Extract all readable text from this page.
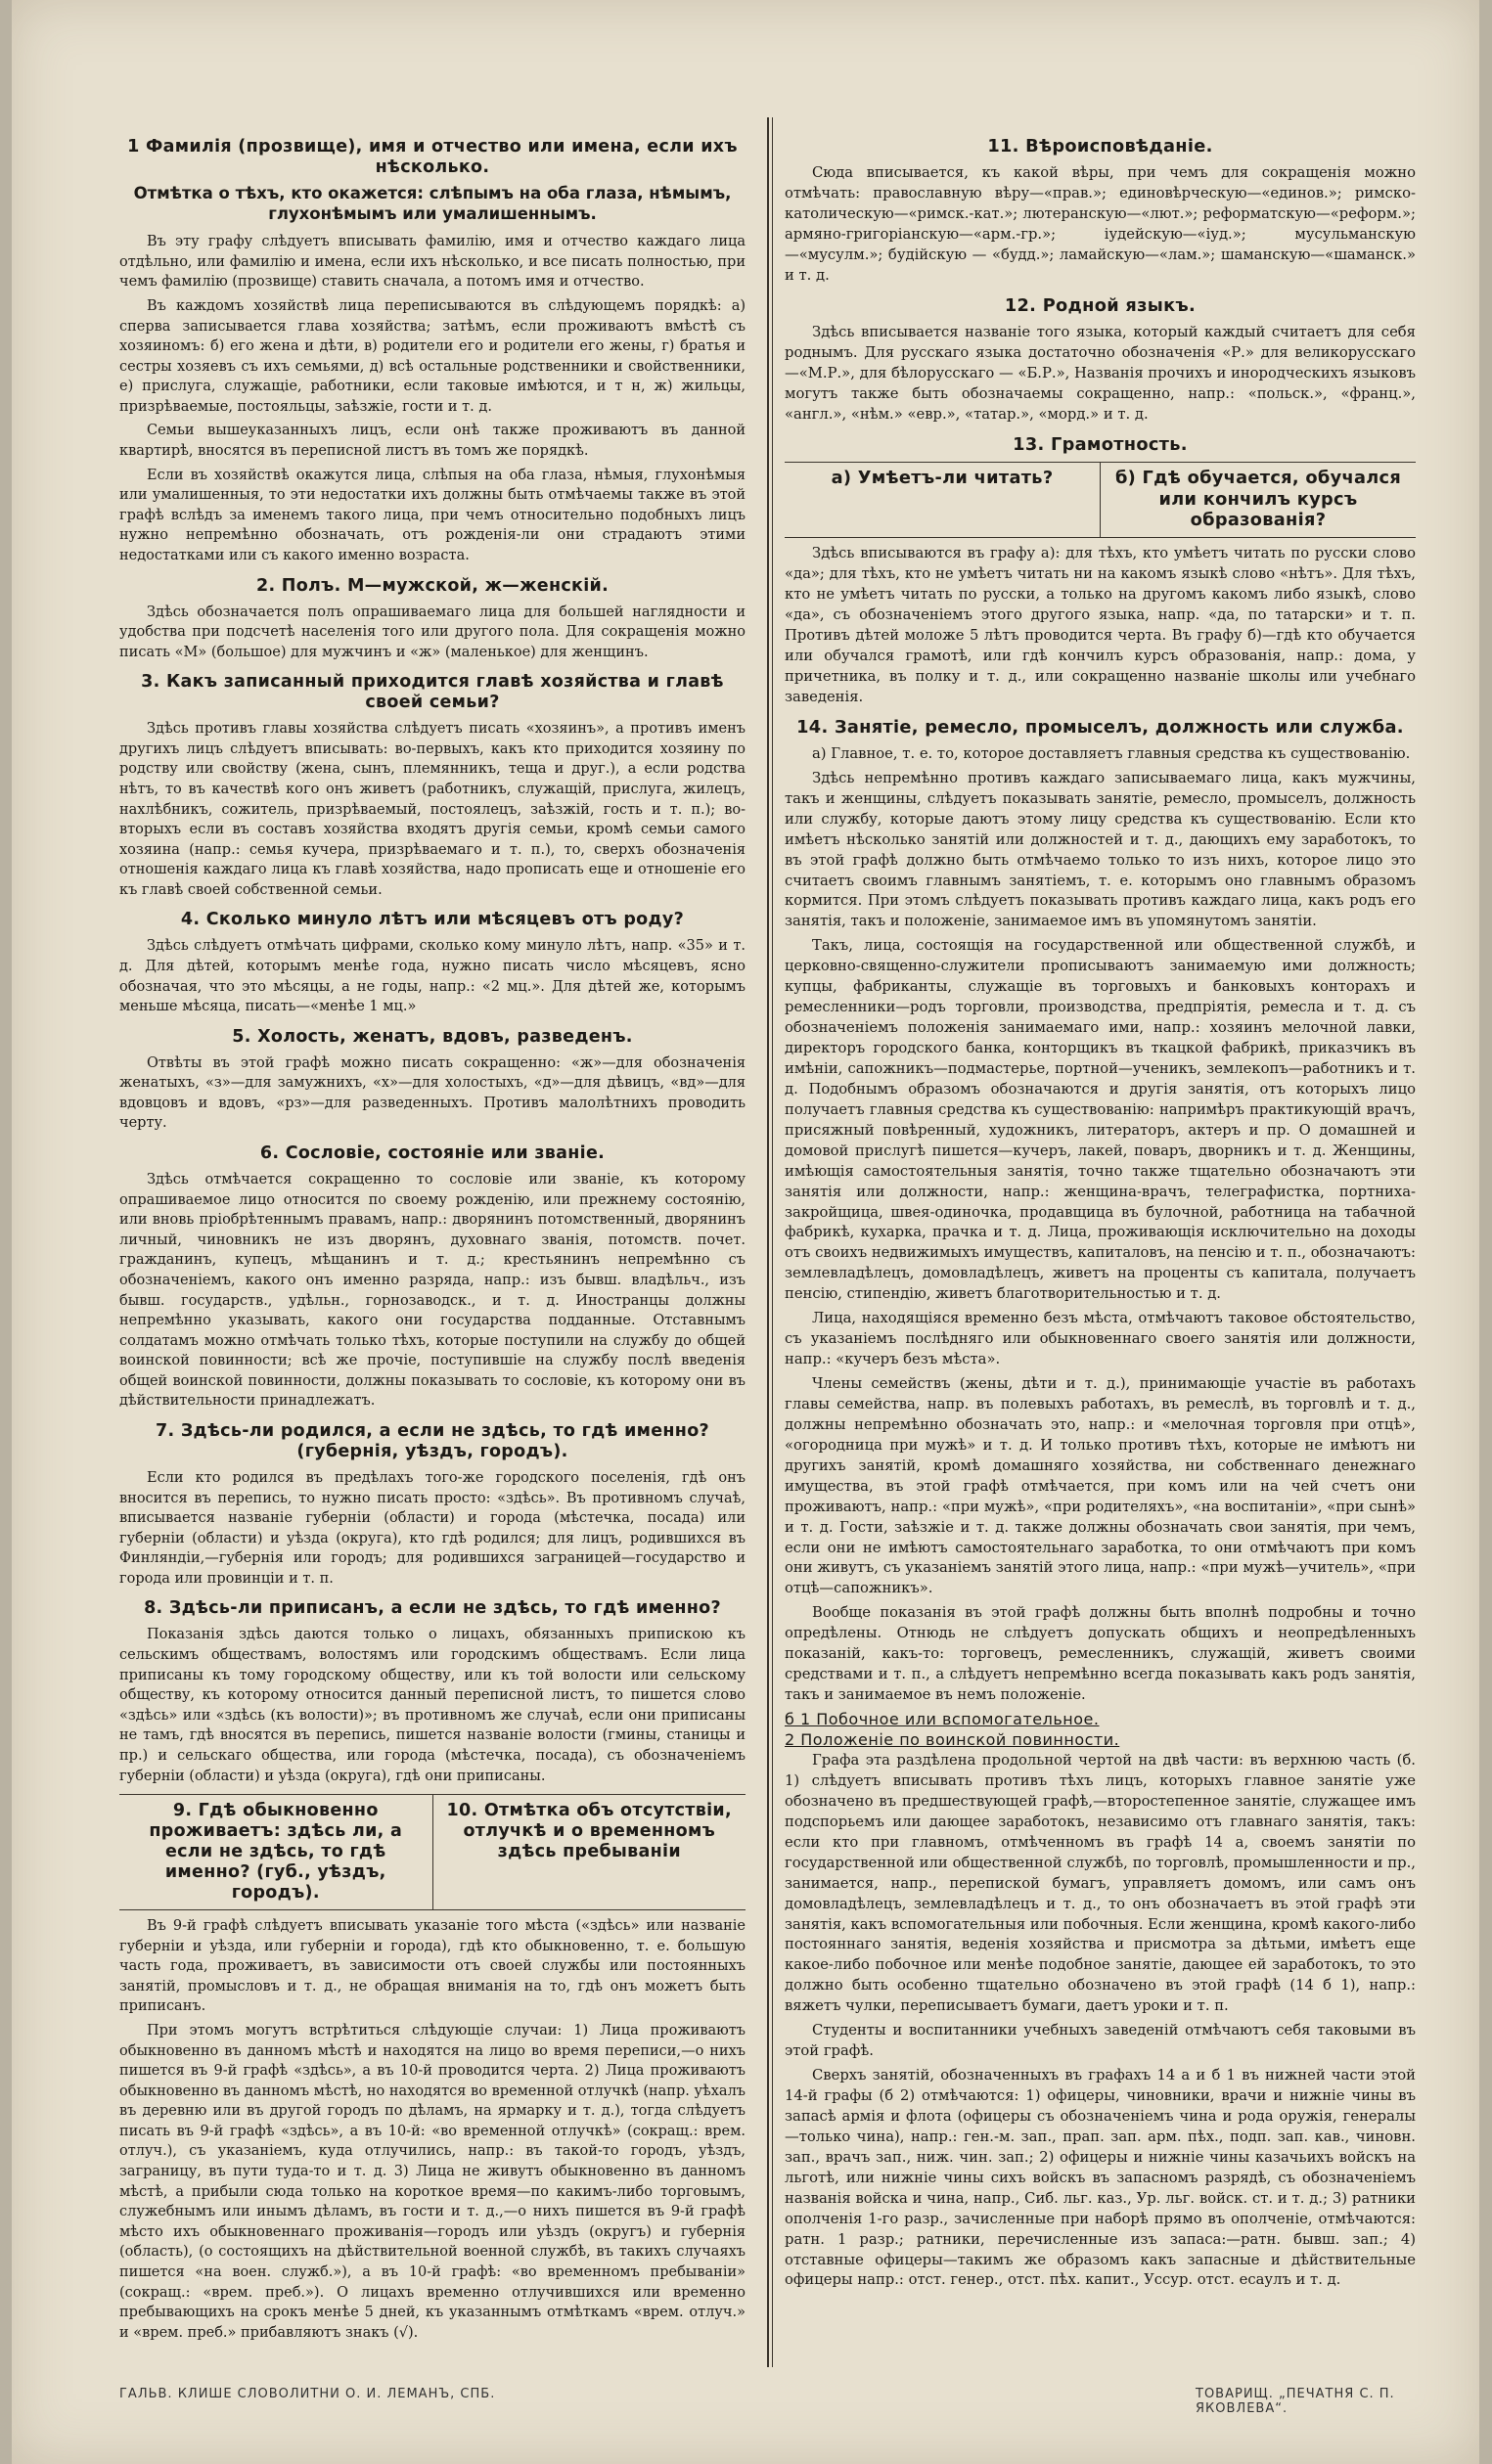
1 Фамилія (прозвище), имя и отчество или имена, если ихъ нѣсколько.
Отмѣтка о тѣхъ, кто окажется: слѣпымъ на оба глаза, нѣмымъ, глухонѣмымъ или умалишеннымъ.

Въ эту графу слѣдуетъ вписывать фамилію, имя и отчество каждаго лица отдѣльно, или фамилію и имена, если ихъ нѣсколько, и все писать полностью, при чемъ фамилію (прозвище) ставить сначала, а потомъ имя и отчество.

Въ каждомъ хозяйствѣ лица переписываются въ слѣдующемъ порядкѣ: а) сперва записывается глава хозяйства; затѣмъ, если проживаютъ вмѣстѣ съ хозяиномъ: б) его жена и дѣти, в) родители его и родители его жены, г) братья и сестры хозяевъ съ ихъ семьями, д) всѣ остальные родственники и свойственники, е) прислуга, служащіе, работники, если таковые имѣются, и т н, ж) жильцы, призрѣваемые, постояльцы, заѣзжіе, гости и т. д.

Семьи вышеуказанныхъ лицъ, если онѣ также проживаютъ въ данной квартирѣ, вносятся въ переписной листъ въ томъ же порядкѣ.

Если въ хозяйствѣ окажутся лица, слѣпыя на оба глаза, нѣмыя, глухонѣмыя или умалишенныя, то эти недостатки ихъ должны быть отмѣчаемы также въ этой графѣ вслѣдъ за именемъ такого лица, при чемъ относительно подобныхъ лицъ нужно непремѣнно обозначать, отъ рожденія-ли они страдаютъ этими недостатками или съ какого именно возраста.

2. Полъ. М—мужской, ж—женскій.

Здѣсь обозначается полъ опрашиваемаго лица для большей наглядности и удобства при подсчетѣ населенія того или другого пола. Для сокращенія можно писать «М» (большое) для мужчинъ и «ж» (маленькое) для женщинъ.

3. Какъ записанный приходится главѣ хозяйства и главѣ своей семьи?

Здѣсь противъ главы хозяйства слѣдуетъ писать «хозяинъ», а противъ именъ другихъ лицъ слѣдуетъ вписывать: во-первыхъ, какъ кто приходится хозяину по родству или свойству (жена, сынъ, племянникъ, теща и друг.), а если родства нѣтъ, то въ качествѣ кого онъ живетъ (работникъ, служащій, прислуга, жилецъ, нахлѣбникъ, сожитель, призрѣваемый, постоялецъ, заѣзжій, гость и т. п.); во-вторыхъ если въ составъ хозяйства входятъ другія семьи, кромѣ семьи самого хозяина (напр.: семья кучера, призрѣваемаго и т. п.), то, сверхъ обозначенія отношенія каждаго лица къ главѣ хозяйства, надо прописать еще и отношеніе его къ главѣ своей собственной семьи.

4. Сколько минуло лѣтъ или мѣсяцевъ отъ роду?

Здѣсь слѣдуетъ отмѣчать цифрами, сколько кому минуло лѣтъ, напр. «35» и т. д. Для дѣтей, которымъ менѣе года, нужно писать число мѣсяцевъ, ясно обозначая, что это мѣсяцы, а не годы, напр.: «2 мц.». Для дѣтей же, которымъ меньше мѣсяца, писать—«менѣе 1 мц.»

5. Холость, женатъ, вдовъ, разведенъ.

Отвѣты въ этой графѣ можно писать сокращенно: «ж»—для обозначенія женатыхъ, «з»—для замужнихъ, «х»—для холостыхъ, «д»—для дѣвицъ, «вд»—для вдовцовъ и вдовъ, «рз»—для разведенныхъ. Противъ малолѣтнихъ проводить черту.

6. Сословіе, состояніе или званіе.

Здѣсь отмѣчается сокращенно то сословіе или званіе, къ которому опрашиваемое лицо относится по своему рожденію, или прежнему состоянію, или вновь пріобрѣтеннымъ правамъ, напр.: дворянинъ потомственный, дворянинъ личный, чиновникъ не изъ дворянъ, духовнаго званія, потомств. почет. гражданинъ, купецъ, мѣщанинъ и т. д.; крестьянинъ непремѣнно съ обозначеніемъ, какого онъ именно разряда, напр.: изъ бывш. владѣльч., изъ бывш. государств., удѣльн., горнозаводск., и т. д. Иностранцы должны непремѣнно указывать, какого они государства подданные. Отставнымъ солдатамъ можно отмѣчать только тѣхъ, которые поступили на службу до общей воинской повинности; всѣ же прочіе, поступившіе на службу послѣ введенія общей воинской повинности, должны показывать то сословіе, къ которому они въ дѣйствительности принадлежатъ.

7. Здѣсь-ли родился, а если не здѣсь, то гдѣ именно? (губернія, уѣздъ, городъ).

Если кто родился въ предѣлахъ того-же городского поселенія, гдѣ онъ вносится въ перепись, то нужно писать просто: «здѣсь». Въ противномъ случаѣ, вписывается названіе губерніи (области) и города (мѣстечка, посада) или губерніи (области) и уѣзда (округа), кто гдѣ родился; для лицъ, родившихся въ Финляндіи,—губернія или городъ; для родившихся заграницей—государство и города или провинціи и т. п.

8. Здѣсь-ли приписанъ, а если не здѣсь, то гдѣ именно?

Показанія здѣсь даются только о лицахъ, обязанныхъ припискою къ сельскимъ обществамъ, волостямъ или городскимъ обществамъ. Если лица приписаны къ тому городскому обществу, или къ той волости или сельскому обществу, къ которому относится данный переписной листъ, то пишется слово «здѣсь» или «здѣсь (къ волости)»; въ противномъ же случаѣ, если они приписаны не тамъ, гдѣ вносятся въ перепись, пишется названіе волости (гмины, станицы и пр.) и сельскаго общества, или города (мѣстечка, посада), съ обозначеніемъ губерніи (области) и уѣзда (округа), гдѣ они приписаны.

9. Гдѣ обыкновенно проживаетъ: здѣсь ли, а если не здѣсь, то гдѣ именно? (губ., уѣздъ, городъ).
10. Отмѣтка объ отсутствіи, отлучкѣ и о временномъ здѣсь пребываніи

Въ 9-й графѣ слѣдуетъ вписывать указаніе того мѣста («здѣсь» или названіе губерніи и уѣзда, или губерніи и города), гдѣ кто обыкновенно, т. е. большую часть года, проживаетъ, въ зависимости отъ своей службы или постоянныхъ занятій, промысловъ и т. д., не обращая вниманія на то, гдѣ онъ можетъ быть приписанъ.

При этомъ могутъ встрѣтиться слѣдующіе случаи: 1) Лица проживаютъ обыкновенно въ данномъ мѣстѣ и находятся на лицо во время переписи,—о нихъ пишется въ 9-й графѣ «здѣсь», а въ 10-й проводится черта. 2) Лица проживаютъ обыкновенно въ данномъ мѣстѣ, но находятся во временной отлучкѣ (напр. уѣхалъ въ деревню или въ другой городъ по дѣламъ, на ярмарку и т. д.), тогда слѣдуетъ писать въ 9-й графѣ «здѣсь», а въ 10-й: «во временной отлучкѣ» (сокращ.: врем. отлуч.), съ указаніемъ, куда отлучились, напр.: въ такой-то городъ, уѣздъ, заграницу, въ пути туда-то и т. д. 3) Лица не живутъ обыкновенно въ данномъ мѣстѣ, а прибыли сюда только на короткое время—по какимъ-либо торговымъ, служебнымъ или инымъ дѣламъ, въ гости и т. д.,—о нихъ пишется въ 9-й графѣ мѣсто ихъ обыкновеннаго проживанія—городъ или уѣздъ (округъ) и губернія (область), (о состоящихъ на дѣйствительной военной службѣ, въ такихъ случаяхъ пишется «на воен. служб.»), а въ 10-й графѣ: «во временномъ пребываніи» (сокращ.: «врем. преб.»). О лицахъ временно отлучившихся или временно пребывающихъ на срокъ менѣе 5 дней, къ указаннымъ отмѣткамъ «врем. отлуч.» и «врем. преб.» прибавляютъ знакъ (√).

11. Вѣроисповѣданіе.

Сюда вписывается, къ какой вѣры, при чемъ для сокращенія можно отмѣчать: православную вѣру—«прав.»; единовѣрческую—«единов.»; римско-католическую—«римск.-кат.»; лютеранскую—«лют.»; реформатскую—«реформ.»; армяно-григоріанскую—«арм.-гр.»; іудейскую—«іуд.»; мусульманскую—«мусулм.»; будійскую — «будд.»; ламайскую—«лам.»; шаманскую—«шаманск.» и т. д.

12. Родной языкъ.

Здѣсь вписывается названіе того языка, который каждый считаетъ для себя роднымъ. Для русскаго языка достаточно обозначенія «Р.» для великорусскаго —«М.Р.», для бѣлорусскаго — «Б.Р.», Названія прочихъ и инородческихъ языковъ могутъ также быть обозначаемы сокращенно, напр.: «польск.», «франц.», «англ.», «нѣм.» «евр.», «татар.», «морд.» и т. д.

13. Грамотность.
а) Умѣетъ-ли читать?	б) Гдѣ обучается, обучался или кончилъ курсъ образованія?

Здѣсь вписываются въ графу а): для тѣхъ, кто умѣетъ читать по русски слово «да»; для тѣхъ, кто не умѣетъ читать ни на какомъ языкѣ слово «нѣтъ». Для тѣхъ, кто не умѣетъ читать по русски, а только на другомъ какомъ либо языкѣ, слово «да», съ обозначеніемъ этого другого языка, напр. «да, по татарски» и т. п. Противъ дѣтей моложе 5 лѣтъ проводится черта. Въ графу б)—гдѣ кто обучается или обучался грамотѣ, или гдѣ кончилъ курсъ образованія, напр.: дома, у причетника, въ полку и т. д., или сокращенно названіе школы или учебнаго заведенія.

14. Занятіе, ремесло, промыселъ, должность или служба.

а) Главное, т. е. то, которое доставляетъ главныя средства къ существованію.

Здѣсь непремѣнно противъ каждаго записываемаго лица, какъ мужчины, такъ и женщины, слѣдуетъ показывать занятіе, ремесло, промыселъ, должность или службу, которые даютъ этому лицу средства къ существованію. Если кто имѣетъ нѣсколько занятій или должностей и т. д., дающихъ ему заработокъ, то въ этой графѣ должно быть отмѣчаемо только то изъ нихъ, которое лицо это считаетъ своимъ главнымъ занятіемъ, т. е. которымъ оно главнымъ образомъ кормится. При этомъ слѣдуетъ показывать противъ каждаго лица, какъ родъ его занятія, такъ и положеніе, занимаемое имъ въ упомянутомъ занятіи.

Такъ, лица, состоящія на государственной или общественной службѣ, и церковно-священно-служители прописываютъ занимаемую ими должность; купцы, фабриканты, служащіе въ торговыхъ и банковыхъ конторахъ и ремесленники—родъ торговли, производства, предпріятія, ремесла и т. д. съ обозначеніемъ положенія занимаемаго ими, напр.: хозяинъ мелочной лавки, директоръ городского банка, конторщикъ въ ткацкой фабрикѣ, приказчикъ въ имѣніи, сапожникъ—подмастерье, портной—ученикъ, землекопъ—работникъ и т. д. Подобнымъ образомъ обозначаются и другія занятія, отъ которыхъ лицо получаетъ главныя средства къ существованію: напримѣръ практикующій врачъ, присяжный повѣренный, художникъ, литераторъ, актеръ и пр. О домашней и домовой прислугѣ пишется—кучеръ, лакей, поваръ, дворникъ и т. д. Женщины, имѣющія самостоятельныя занятія, точно также тщательно обозначаютъ эти занятія или должности, напр.: женщина-врачъ, телеграфистка, портниха-закройщица, швея-одиночка, продавщица въ булочной, работница на табачной фабрикѣ, кухарка, прачка и т. д. Лица, проживающія исключительно на доходы отъ своихъ недвижимыхъ имуществъ, капиталовъ, на пенсію и т. п., обозначаютъ: землевладѣлецъ, домовладѣлецъ, живетъ на проценты съ капитала, получаетъ пенсію, стипендію, живетъ благотворительностью и т. д.

Лица, находящіяся временно безъ мѣста, отмѣчаютъ таковое обстоятельство, съ указаніемъ послѣдняго или обыкновеннаго своего занятія или должности, напр.: «кучеръ безъ мѣста».

Члены семействъ (жены, дѣти и т. д.), принимающіе участіе въ работахъ главы семейства, напр. въ полевыхъ работахъ, въ ремеслѣ, въ торговлѣ и т. д., должны непремѣнно обозначать это, напр.: и «мелочная торговля при отцѣ», «огородница при мужѣ» и т. д. И только противъ тѣхъ, которые не имѣютъ ни другихъ занятій, кромѣ домашняго хозяйства, ни собственнаго денежнаго имущества, въ этой графѣ отмѣчается, при комъ или на чей счетъ они проживаютъ, напр.: «при мужѣ», «при родителяхъ», «на воспитаніи», «при сынѣ» и т. д. Гости, заѣзжіе и т. д. также должны обозначать свои занятія, при чемъ, если они не имѣютъ самостоятельнаго заработка, то они отмѣчаютъ при комъ они живутъ, съ указаніемъ занятій этого лица, напр.: «при мужѣ—учитель», «при отцѣ—сапожникъ».

Вообще показанія въ этой графѣ должны быть вполнѣ подробны и точно опредѣлены. Отнюдь не слѣдуетъ допускать общихъ и неопредѣленныхъ показаній, какъ-то: торговецъ, ремесленникъ, служащій, живетъ своими средствами и т. п., а слѣдуетъ непремѣнно всегда показывать какъ родъ занятія, такъ и занимаемое въ немъ положеніе.

б 1 Побочное или вспомогательное.
2 Положеніе по воинской повинности.

Графа эта раздѣлена продольной чертой на двѣ части: въ верхнюю часть (б. 1) слѣдуетъ вписывать противъ тѣхъ лицъ, которыхъ главное занятіе уже обозначено въ предшествующей графѣ,—второстепенное занятіе, служащее имъ подспорьемъ или дающее заработокъ, независимо отъ главнаго занятія, такъ: если кто при главномъ, отмѣченномъ въ графѣ 14 а, своемъ занятіи по государственной или общественной службѣ, по торговлѣ, промышленности и пр., занимается, напр., перепиской бумагъ, управляетъ домомъ, или самъ онъ домовладѣлецъ, землевладѣлецъ и т. д., то онъ обозначаетъ въ этой графѣ эти занятія, какъ вспомогательныя или побочныя. Если женщина, кромѣ какого-либо постояннаго занятія, веденія хозяйства и присмотра за дѣтьми, имѣетъ еще какое-либо побочное или менѣе подобное занятіе, дающее ей заработокъ, то это должно быть особенно тщательно обозначено въ этой графѣ (14 б 1), напр.: вяжетъ чулки, переписываетъ бумаги, даетъ уроки и т. п.

Студенты и воспитанники учебныхъ заведеній отмѣчаютъ себя таковыми въ этой графѣ.

Сверхъ занятій, обозначенныхъ въ графахъ 14 а и б 1 въ нижней части этой 14-й графы (б 2) отмѣчаются: 1) офицеры, чиновники, врачи и нижніе чины въ запасѣ армія и флота (офицеры съ обозначеніемъ чина и рода оружія, генералы—только чина), напр.: ген.-м. зап., прап. зап. арм. пѣх., подп. зап. кав., чиновн. зап., врачъ зап., ниж. чин. зап.; 2) офицеры и нижніе чины казачьихъ войскъ на льготѣ, или нижніе чины сихъ войскъ въ запасномъ разрядѣ, съ обозначеніемъ названія войска и чина, напр., Сиб. льг. каз., Ур. льг. войск. ст. и т. д.; 3) ратники ополченія 1-го разр., зачисленные при наборѣ прямо въ ополченіе, отмѣчаются: ратн. 1 разр.; ратники, перечисленные изъ запаса:—ратн. бывш. зап.; 4) отставные офицеры—такимъ же образомъ какъ запасные и дѣйствительные офицеры напр.: отст. генер., отст. пѣх. капит., Уссур. отст. есаулъ и т. д.

ГАЛЬВ. КЛИШЕ СЛОВОЛИТНИ О. И. ЛЕМАНЪ, СПБ.	ТОВАРИЩ. „ПЕЧАТНЯ С. П. ЯКОВЛЕВА“.
